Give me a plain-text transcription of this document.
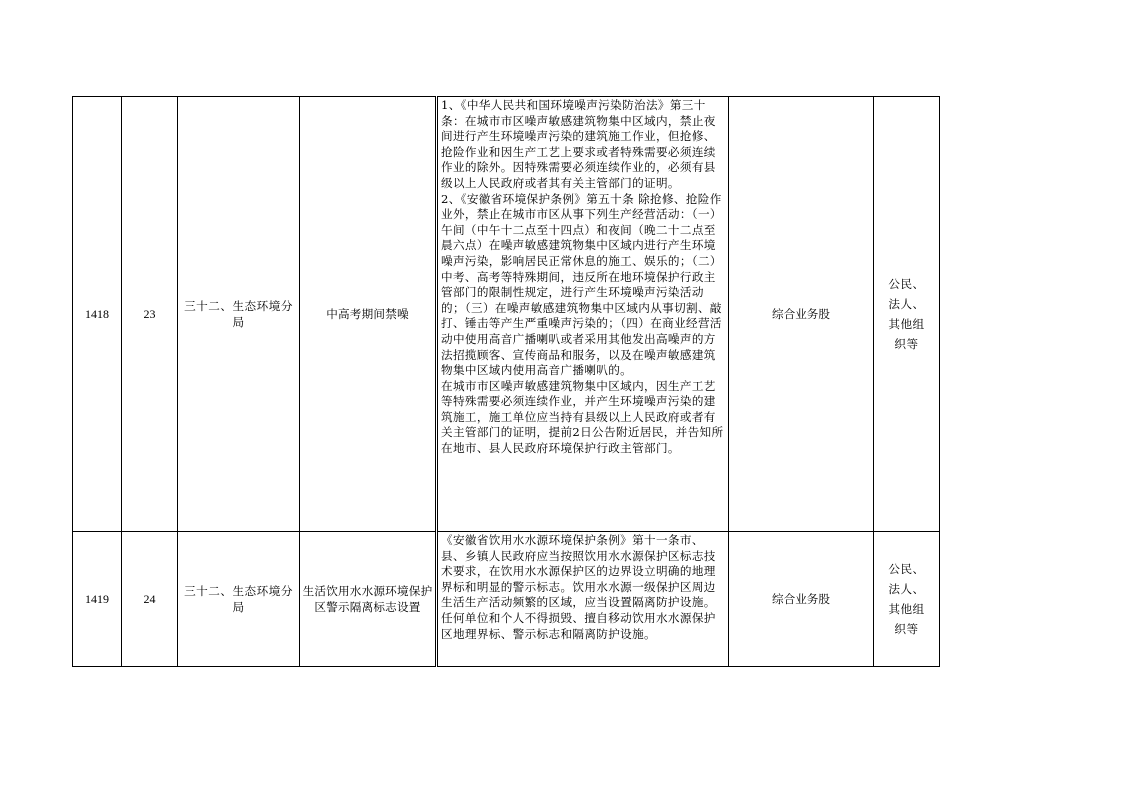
1418	23	三十二、生态环境分局	中高考期间禁噪	1、《中华人民共和国环境噪声污染防治法》第三十条：在城市市区噪声敏感建筑物集中区域内，禁止夜间进行产生环境噪声污染的建筑施工作业，但抢修、抢险作业和因生产工艺上要求或者特殊需要必须连续作业的除外。因特殊需要必须连续作业的，必须有县级以上人民政府或者其有关主管部门的证明。
2、《安徽省环境保护条例》第五十条 除抢修、抢险作业外，禁止在城市市区从事下列生产经营活动：（一）午间（中午十二点至十四点）和夜间（晚二十二点至晨六点）在噪声敏感建筑物集中区域内进行产生环境噪声污染，影响居民正常休息的施工、娱乐的；（二）中考、高考等特殊期间，违反所在地环境保护行政主管部门的限制性规定，进行产生环境噪声污染活动的；（三）在噪声敏感建筑物集中区域内从事切割、敲打、锤击等产生严重噪声污染的；（四）在商业经营活动中使用高音广播喇叭或者采用其他发出高噪声的方法招揽顾客、宣传商品和服务，以及在噪声敏感建筑物集中区域内使用高音广播喇叭的。
在城市市区噪声敏感建筑物集中区域内，因生产工艺等特殊需要必须连续作业，并产生环境噪声污染的建筑施工，施工单位应当持有县级以上人民政府或者有关主管部门的证明，提前2日公告附近居民，并告知所在地市、县人民政府环境保护行政主管部门。	综合业务股	公民、法人、其他组织等
1419	24	三十二、生态环境分局	生活饮用水水源环境保护区警示隔离标志设置	《安徽省饮用水水源环境保护条例》第十一条市、县、乡镇人民政府应当按照饮用水水源保护区标志技术要求，在饮用水水源保护区的边界设立明确的地理界标和明显的警示标志。饮用水水源一级保护区周边生活生产活动频繁的区域，应当设置隔离防护设施。任何单位和个人不得损毁、擅自移动饮用水水源保护区地理界标、警示标志和隔离防护设施。	综合业务股	公民、法人、其他组织等
